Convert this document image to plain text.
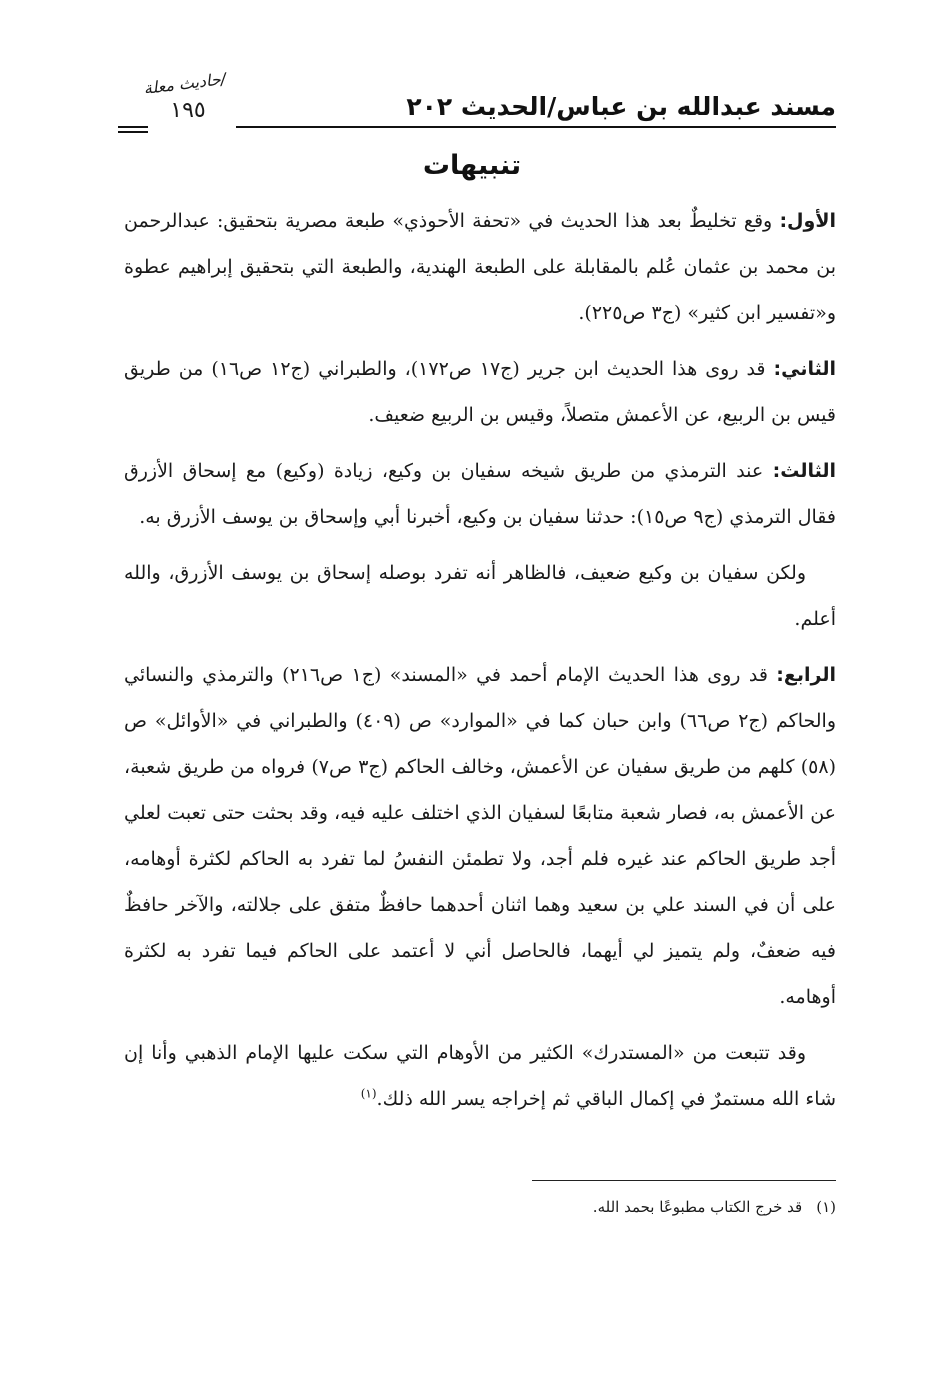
مسند عبدالله بن عباس/الحديث ٢٠٢
/حاديث معلة
١٩٥
تنبيهات

الأول: وقع تخليطٌ بعد هذا الحديث في «تحفة الأحوذي» طبعة مصرية بتحقيق: عبدالرحمن بن محمد بن عثمان عُلم بالمقابلة على الطبعة الهندية، والطبعة التي بتحقيق إبراهيم عطوة و«تفسير ابن كثير» (ج٣ ص٢٢٥).

الثاني: قد روى هذا الحديث ابن جرير (ج١٧ ص١٧٢)، والطبراني (ج١٢ ص١٦) من طريق قيس بن الربيع، عن الأعمش متصلاً، وقيس بن الربيع ضعيف.

الثالث: عند الترمذي من طريق شيخه سفيان بن وكيع، زيادة (وكيع) مع إسحاق الأزرق فقال الترمذي (ج٩ ص١٥): حدثنا سفيان بن وكيع، أخبرنا أبي وإسحاق بن يوسف الأزرق به.

ولكن سفيان بن وكيع ضعيف، فالظاهر أنه تفرد بوصله إسحاق بن يوسف الأزرق، والله أعلم.

الرابع: قد روى هذا الحديث الإمام أحمد في «المسند» (ج١ ص٢١٦) والترمذي والنسائي والحاكم (ج٢ ص٦٦) وابن حبان كما في «الموارد» ص (٤٠٩) والطبراني في «الأوائل» ص (٥٨) كلهم من طريق سفيان عن الأعمش، وخالف الحاكم (ج٣ ص٧) فرواه من طريق شعبة، عن الأعمش به، فصار شعبة متابعًا لسفيان الذي اختلف عليه فيه، وقد بحثت حتى تعبت لعلي أجد طريق الحاكم عند غيره فلم أجد، ولا تطمئن النفسُ لما تفرد به الحاكم لكثرة أوهامه، على أن في السند علي بن سعيد وهما اثنان أحدهما حافظٌ متفق على جلالته، والآخر حافظٌ فيه ضعفٌ، ولم يتميز لي أيهما، فالحاصل أني لا أعتمد على الحاكم فيما تفرد به لكثرة أوهامه.

وقد تتبعت من «المستدرك» الكثير من الأوهام التي سكت عليها الإمام الذهبي وأنا إن شاء الله مستمرٌ في إكمال الباقي ثم إخراجه يسر الله ذلك.$^{(١)}$

(١)قد خرج الكتاب مطبوعًا بحمد الله.
